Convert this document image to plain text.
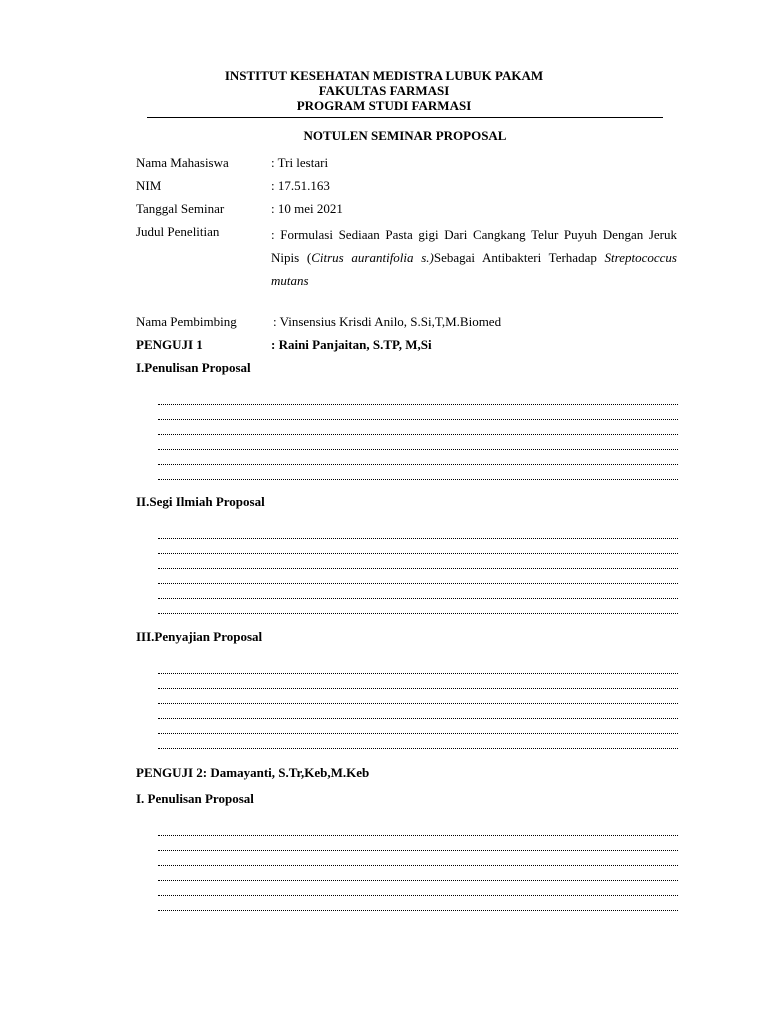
INSTITUT KESEHATAN MEDISTRA LUBUK PAKAM
FAKULTAS FARMASI
PROGRAM STUDI FARMASI
NOTULEN SEMINAR PROPOSAL
Nama Mahasiswa	: Tri lestari
NIM	: 17.51.163
Tanggal Seminar	: 10 mei 2021
Judul Penelitian	: Formulasi Sediaan Pasta gigi Dari Cangkang Telur Puyuh Dengan Jeruk Nipis (Citrus aurantifolia s.)Sebagai Antibakteri Terhadap Streptococcus mutans
Nama Pembimbing	: Vinsensius Krisdi Anilo, S.Si,T,M.Biomed
PENGUJI 1	: Raini Panjaitan, S.TP, M,Si
I.Penulisan Proposal
II.Segi Ilmiah Proposal
III.Penyajian Proposal
PENGUJI 2: Damayanti, S.Tr,Keb,M.Keb
I. Penulisan Proposal
